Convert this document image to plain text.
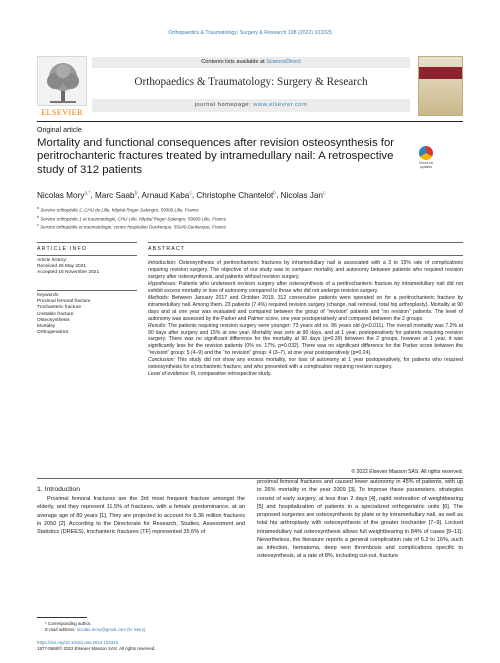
Orthopaedics & Traumatology: Surgery & Research 108 (2022) 103325
ELSEVIER
Contents lists available at ScienceDirect
Orthopaedics & Traumatology: Surgery & Research
journal homepage: www.elsevier.com
Original article
Mortality and functional consequences after revision osteosynthesis for peritrochanteric fractures treated by intramedullary nail: A retrospective study of 312 patients
Check for updates
Nicolas Mory$^{a,*}$, Marc Saab$^b$, Arnaud Kaba$^c$, Christophe Chantelot$^b$, Nicolas Jan$^c$
$^a$ Service orthopédie 2, CHU de Lille, hôpital Roger-Salengro, 59000 Lille, France
$^b$ Service orthopédie 1 et traumatologie, CHU Lille, hôpital Roger-Salengro, 59000 Lille, France
$^c$ Service orthopédie et traumatologie, centre hospitalier Dunkerque, 59240 Dunkerque, France
ARTICLE INFO
Article history:
Received 26 May 2021
Accepted 16 November 2021
Keywords:
Proximal femoral fracture
Trochanteric fracture
Unstable fracture
Osteosynthesis
Mortality
Orthogeriatrics
ABSTRACT

Introduction: Osteosynthesis of peritrochanteric fractures by intramedullary nail is associated with a 3 to 15% rate of complications requiring revision surgery. The objective of our study was to compare mortality and autonomy between patients who required revision surgery after osteosynthesis, and patients without revision surgery.

Hypotheses: Patients who underwent revision surgery after osteosynthesis of a peritrochanteric fracture by intramedullary nail did not exhibit excess mortality or loss of autonomy compared to those who did not undergo revision surgery.

Methods: Between January 2017 and October 2019, 312 consecutive patients were operated on for a peritrochanteric fracture by intramedullary nail. Among them, 23 patients (7.4%) required revision surgery (change, nail removal, total hip arthroplasty). Mortality at 90 days and at one year was evaluated and compared between the group of “revision” patients and “no revision” patients. The level of autonomy was assessed by the Parker and Palmer score, one year postoperatively and compared between the 2 groups.

Results: The patients requiring revision surgery were younger: 73 years old vs. 86 years old (p<0.011). The overall mortality was 7.2% at 90 days after surgery and 15% at one year. Mortality was zero at 90 days, and at 1 year, postoperatively for patients requiring revision surgery. There was no significant difference for the mortality at 90 days (p=0.39) between the 2 groups, however at 1 year, it was significantly less for the revision patients (0% vs. 17%, p=0.032). There was no significant difference for the Parker score between the “revision” group: 5 (4–9) and the “no revision” group: 4 (3–7), at one year postoperatively (p=0.24).

Conclusion: This study did not show any excess mortality, nor loss of autonomy at 1 year postoperatively, for patients who required osteosynthesis for a trochanteric fracture, and who presented with a complication requiring revision surgery.

Level of evidence: III, comparative retrospective study.

© 2022 Elsevier Masson SAS. All rights reserved.
1. Introduction

Proximal femoral fractures are the 3rd most frequent fracture amongst the elderly, and they represent 11.5% of fractures, with a female predominance, at an average age of 80 years [1]. They are projected to account for 6.36 million fractures in 2050 [2]. According to the Directorate for Research, Studies, Assessment and Statistics (DREES), trochanteric fractures (TF) represented 35.6% of

proximal femoral fractures and caused lower autonomy in 45% of patients, with up to 26% mortality in the year 2009 [3]. To improve these parameters, strategies consist of early surgery, at less than 2 days [4], rapid restoration of weightbearing [5] and hospitalization of patients in a specialized orthogeriatric units [6]. The proposed surgeries are osteosynthesis by plate or by intramedullary nail, as well as total hip arthroplasty with osteosynthesis of the greater trochanter [7–9]. Locked intramedullary nail osteosynthesis allows full weightbearing in 84% of cases [9–11]. Nevertheless, the literature reports a general complication rate of 6.2 to 16%, such as infection, hematoma, deep vein thrombosis and complications specific to osteosynthesis, at a rate of 8%, including cut-out, fracture

* Corresponding author.
E-mail address: nicolas.mory@gmail.com (N. Mory).
https://doi.org/10.1016/j.otsr.2022.103325
1877-0568/© 2022 Elsevier Masson SAS. All rights reserved.
